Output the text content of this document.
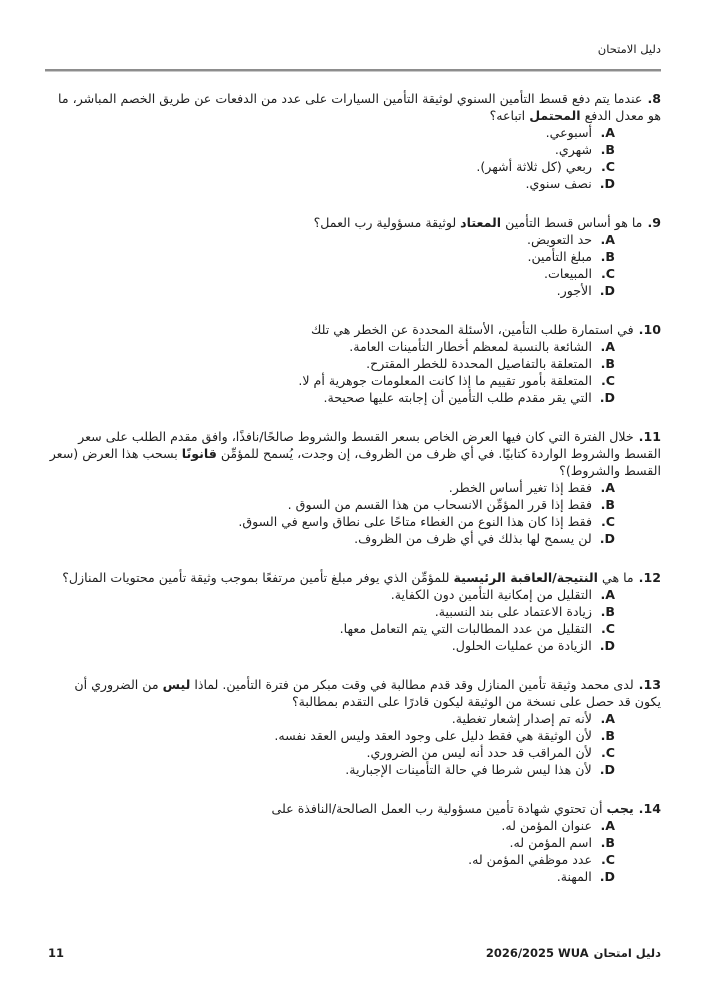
دليل الامتحان

8.عندما يتم دفع قسط التأمين السنوي لوثيقة التأمين السيارات على عدد من الدفعات عن طريق الخصم المباشر، ما هو معدل الدفع المحتمل اتباعه؟

A.
أسبوعي.
B.
شهري.
C.
ربعي (كل ثلاثة أشهر).
D.
نصف سنوي.

9.ما هو أساس قسط التأمين المعتاد لوثيقة مسؤولية رب العمل؟

A.
حد التعويض.
B.
مبلغ التأمين.
C.
المبيعات.
D.
الأجور.

10.في استمارة طلب التأمين، الأسئلة المحددة عن الخطر هي تلك

A.
الشائعة بالنسبة لمعظم أخطار التأمينات العامة.
B.
المتعلقة بالتفاصيل المحددة للخطر المقترح.
C.
المتعلقة بأمور تقييم ما إذا كانت المعلومات جوهرية أم لا.
D.
التي يقر مقدم طلب التأمين أن إجابته عليها صحيحة.

11.خلال الفترة التي كان فيها العرض الخاص بسعر القسط والشروط صالحًا/نافذًا، وافق مقدم الطلب على سعر القسط والشروط الواردة كتابيًا. في أي ظرف من الظروف، إن وجدت، يُسمح للمؤمِّن قانونًا بسحب هذا العرض (سعر القسط والشروط)؟

A.
فقط إذا تغير أساس الخطر.
B.
فقط إذا قرر المؤمِّن الانسحاب من هذا القسم من السوق .
C.
فقط إذا كان هذا النوع من الغطاء متاحًا على نطاق واسع في السوق.
D.
لن يسمح لها بذلك في أي ظرف من الظروف.

12.ما هي النتيجة/العاقبة الرئيسية للمؤمِّن الذي يوفر مبلغ تأمين مرتفعًا بموجب وثيقة تأمين محتويات المنازل؟

A.
التقليل من إمكانية التأمين دون الكفاية.
B.
زيادة الاعتماد على بند النسبية.
C.
التقليل من عدد المطالبات التي يتم التعامل معها.
D.
الزيادة من عمليات الحلول.

13.لدى محمد وثيقة تأمين المنازل وقد قدم مطالبة في وقت مبكر من فترة التأمين. لماذا ليس من الضروري أن يكون قد حصل على نسخة من الوثيقة ليكون قادرًا على التقدم بمطالبة؟

A.
لأنه تم إصدار إشعار تغطية.
B.
لأن الوثيقة هي فقط دليل على وجود العقد وليس العقد نفسه.
C.
لأن المراقب قد حدد أنه ليس من الضروري.
D.
لأن هذا ليس شرطا في حالة التأمينات الإجبارية.

14.يجب أن تحتوي شهادة تأمين مسؤولية رب العمل الصالحة/النافذة على

A.
عنوان المؤمن له.
B.
اسم المؤمن له.
C.
عدد موظفي المؤمن له.
D.
المهنة.
11	2026/2025 WUA دليل امتحان
